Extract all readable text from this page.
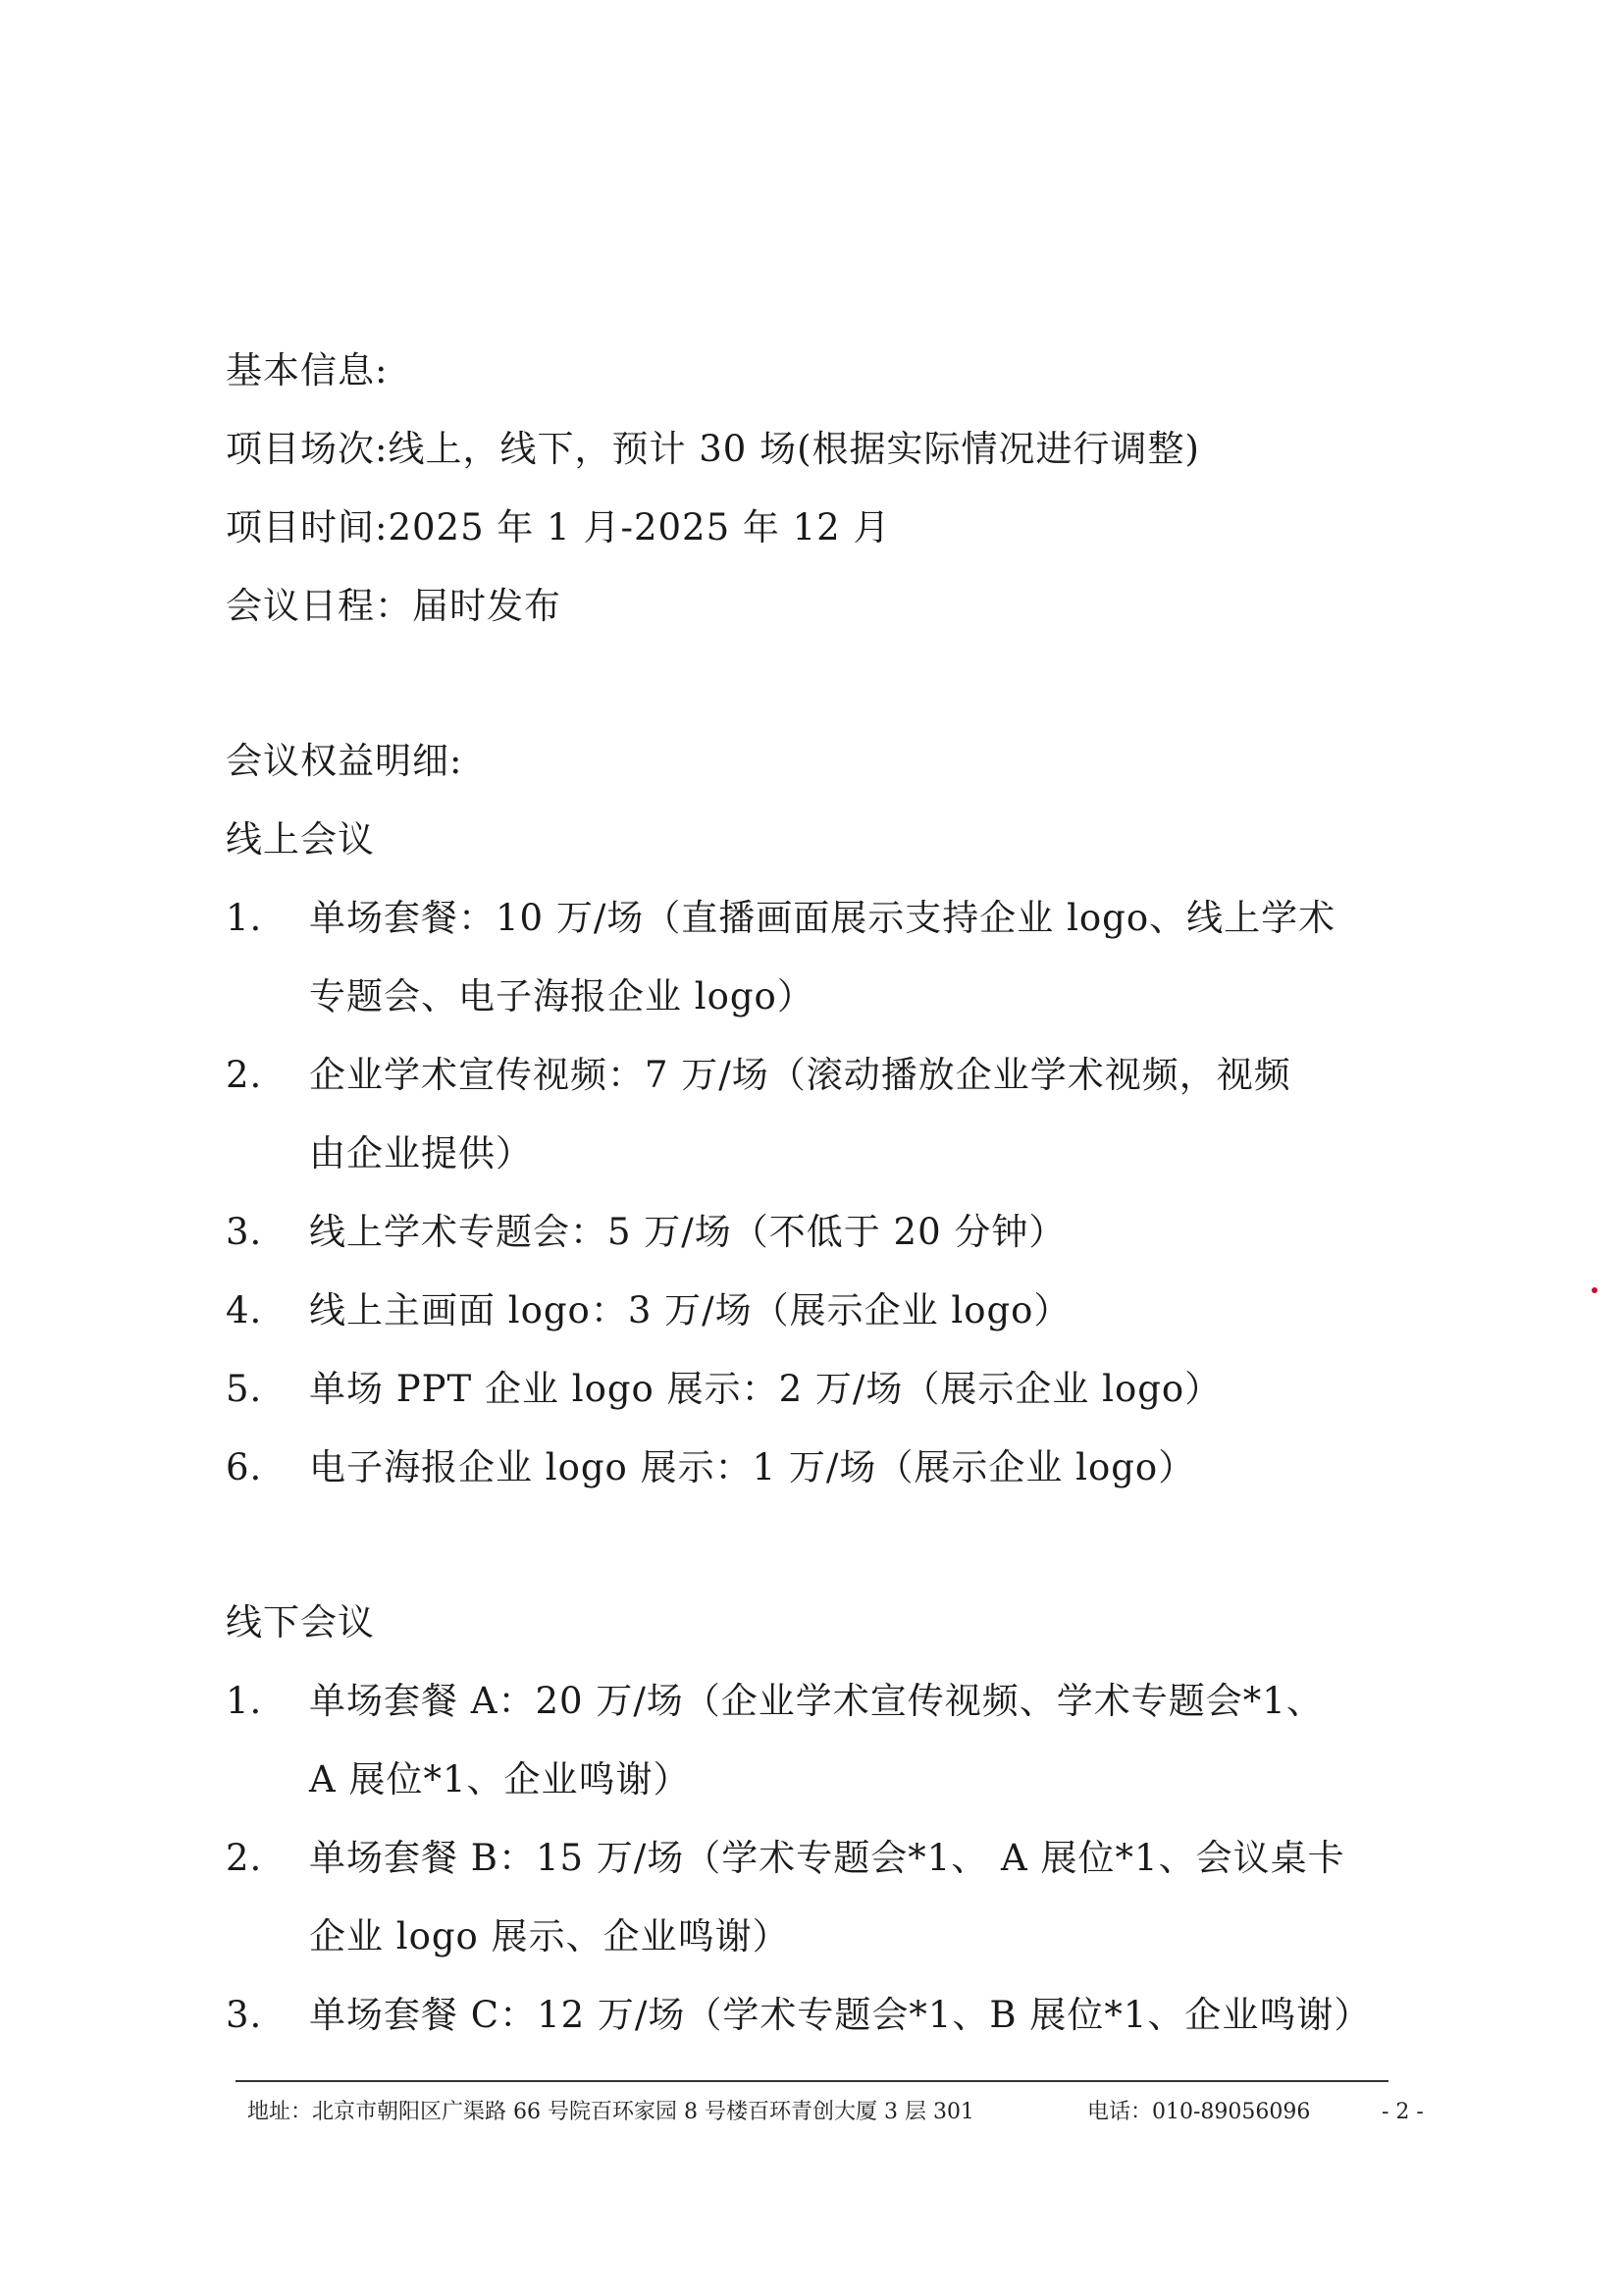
基本信息:
项目场次:线上，线下，预计 30 场(根据实际情况进行调整)
项目时间:2025 年 1 月-2025 年 12 月
会议日程：届时发布
会议权益明细:
线上会议
1.	单场套餐：10 万/场（直播画面展示支持企业 logo、线上学术
专题会、电子海报企业 logo）
2.	企业学术宣传视频：7 万/场（滚动播放企业学术视频，视频
由企业提供）
3.	线上学术专题会：5 万/场（不低于 20 分钟）
4.	线上主画面 logo：3 万/场（展示企业 logo）
5.	单场 PPT 企业 logo 展示：2 万/场（展示企业 logo）
6.	电子海报企业 logo 展示：1 万/场（展示企业 logo）
线下会议
1.	单场套餐 A：20 万/场（企业学术宣传视频、学术专题会*1、
A 展位*1、企业鸣谢）
2.	单场套餐 B：15 万/场（学术专题会*1、 A 展位*1、会议桌卡
企业 logo 展示、企业鸣谢）
3.	单场套餐 C：12 万/场（学术专题会*1、B 展位*1、企业鸣谢）
地址：北京市朝阳区广渠路 66 号院百环家园 8 号楼百环青创大厦 3 层 301	电话：010-89056096	- 2 -
